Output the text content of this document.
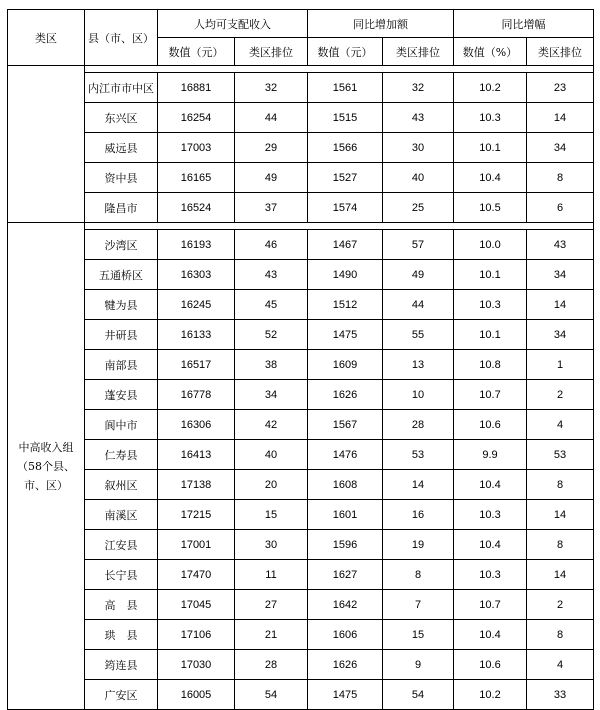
类区	县（市、区）	人均可支配收入		同比增加额		同比增幅	
		数值（元）	类区排位	数值（元）	类区排位	数值（%）	类区排位

	内江市市中区	16881	32	1561	32	10.2	23
	东兴区	16254	44	1515	43	10.3	14
	威远县	17003	29	1566	30	10.1	34
	资中县	16165	49	1527	40	10.4	8
	隆昌市	16524	37	1574	25	10.5	6
中高收入组（58个县、市、区）							
	沙湾区	16193	46	1467	57	10.0	43
	五通桥区	16303	43	1490	49	10.1	34
	犍为县	16245	45	1512	44	10.3	14
	井研县	16133	52	1475	55	10.1	34
	南部县	16517	38	1609	13	10.8	1
	蓬安县	16778	34	1626	10	10.7	2
	阆中市	16306	42	1567	28	10.6	4
	仁寿县	16413	40	1476	53	9.9	53
	叙州区	17138	20	1608	14	10.4	8
	南溪区	17215	15	1601	16	10.3	14
	江安县	17001	30	1596	19	10.4	8
	长宁县	17470	11	1627	8	10.3	14
	高　县	17045	27	1642	7	10.7	2
	珙　县	17106	21	1606	15	10.4	8
	筠连县	17030	28	1626	9	10.6	4
	广安区	16005	54	1475	54	10.2	33
